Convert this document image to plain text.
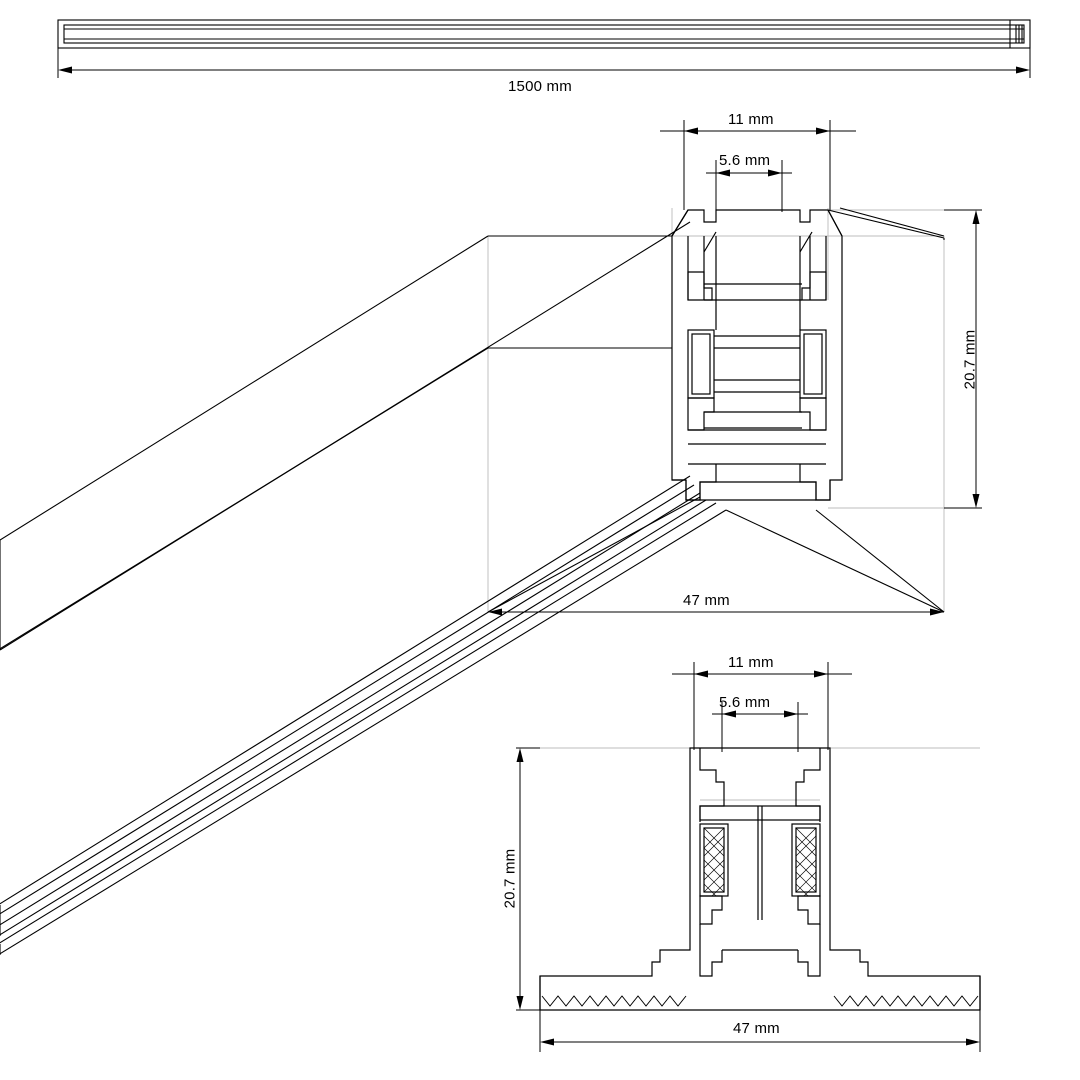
1500 mm
11 mm
5.6 mm
20.7 mm
47 mm
11 mm
5.6 mm
20.7 mm
47 mm
